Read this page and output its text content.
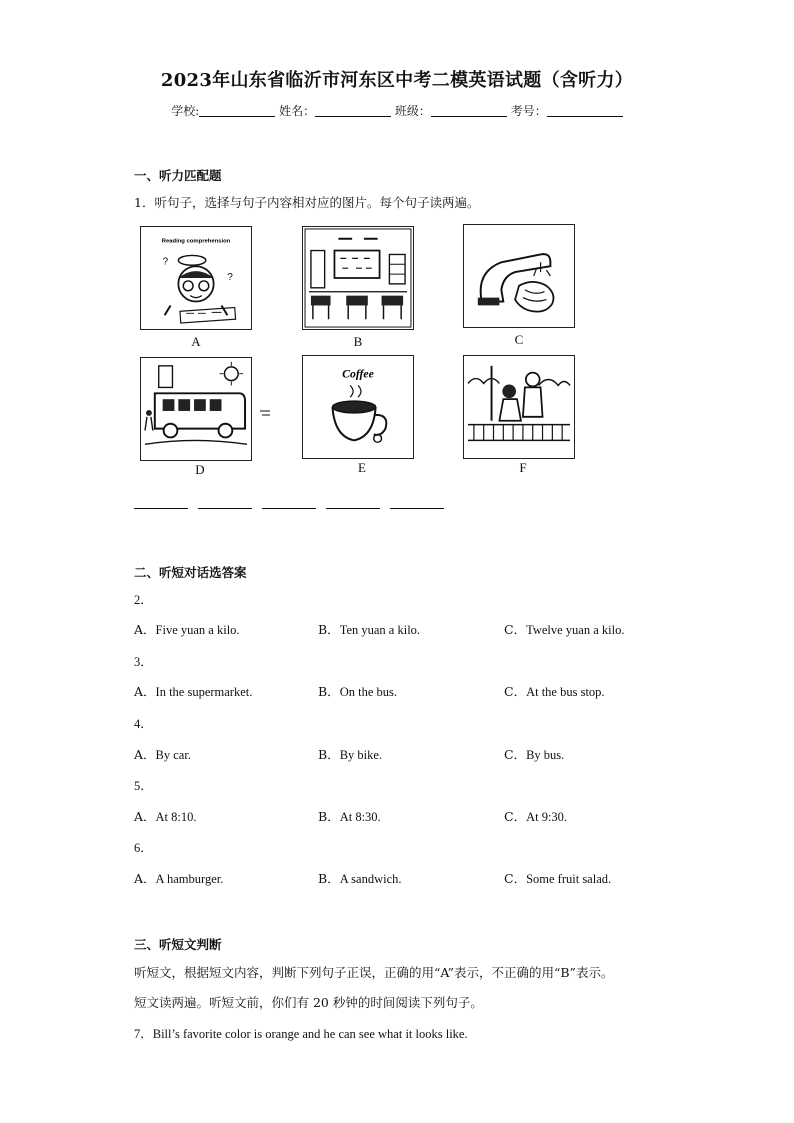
2023年山东省临沂市河东区中考二模英语试题（含听力）
学校:	姓名：	班级：	考号：
一、听力匹配题
1．听句子，选择与句子内容相对应的图片。每个句子读两遍。
Reading comprehension
?
?
A	B	C
D
Coffee
E	F
二、听短对话选答案
2．
A．Five yuan a kilo.	B．Ten yuan a kilo.	C．Twelve yuan a kilo.
3．
A．In the supermarket.	B．On the bus.	C．At the bus stop.
4．
A．By car.	B．By bike.	C．By bus.
5．
A．At 8:10.	B．At 8:30.	C．At 9:30.
6．
A．A hamburger.	B．A sandwich.	C．Some fruit salad.
三、听短文判断
听短文，根据短文内容，判断下列句子正误，正确的用“A”表示，不正确的用“B”表示。
短文读两遍。听短文前，你们有 20 秒钟的时间阅读下列句子。
7．Bill’s favorite color is orange and he can see what it looks like.
